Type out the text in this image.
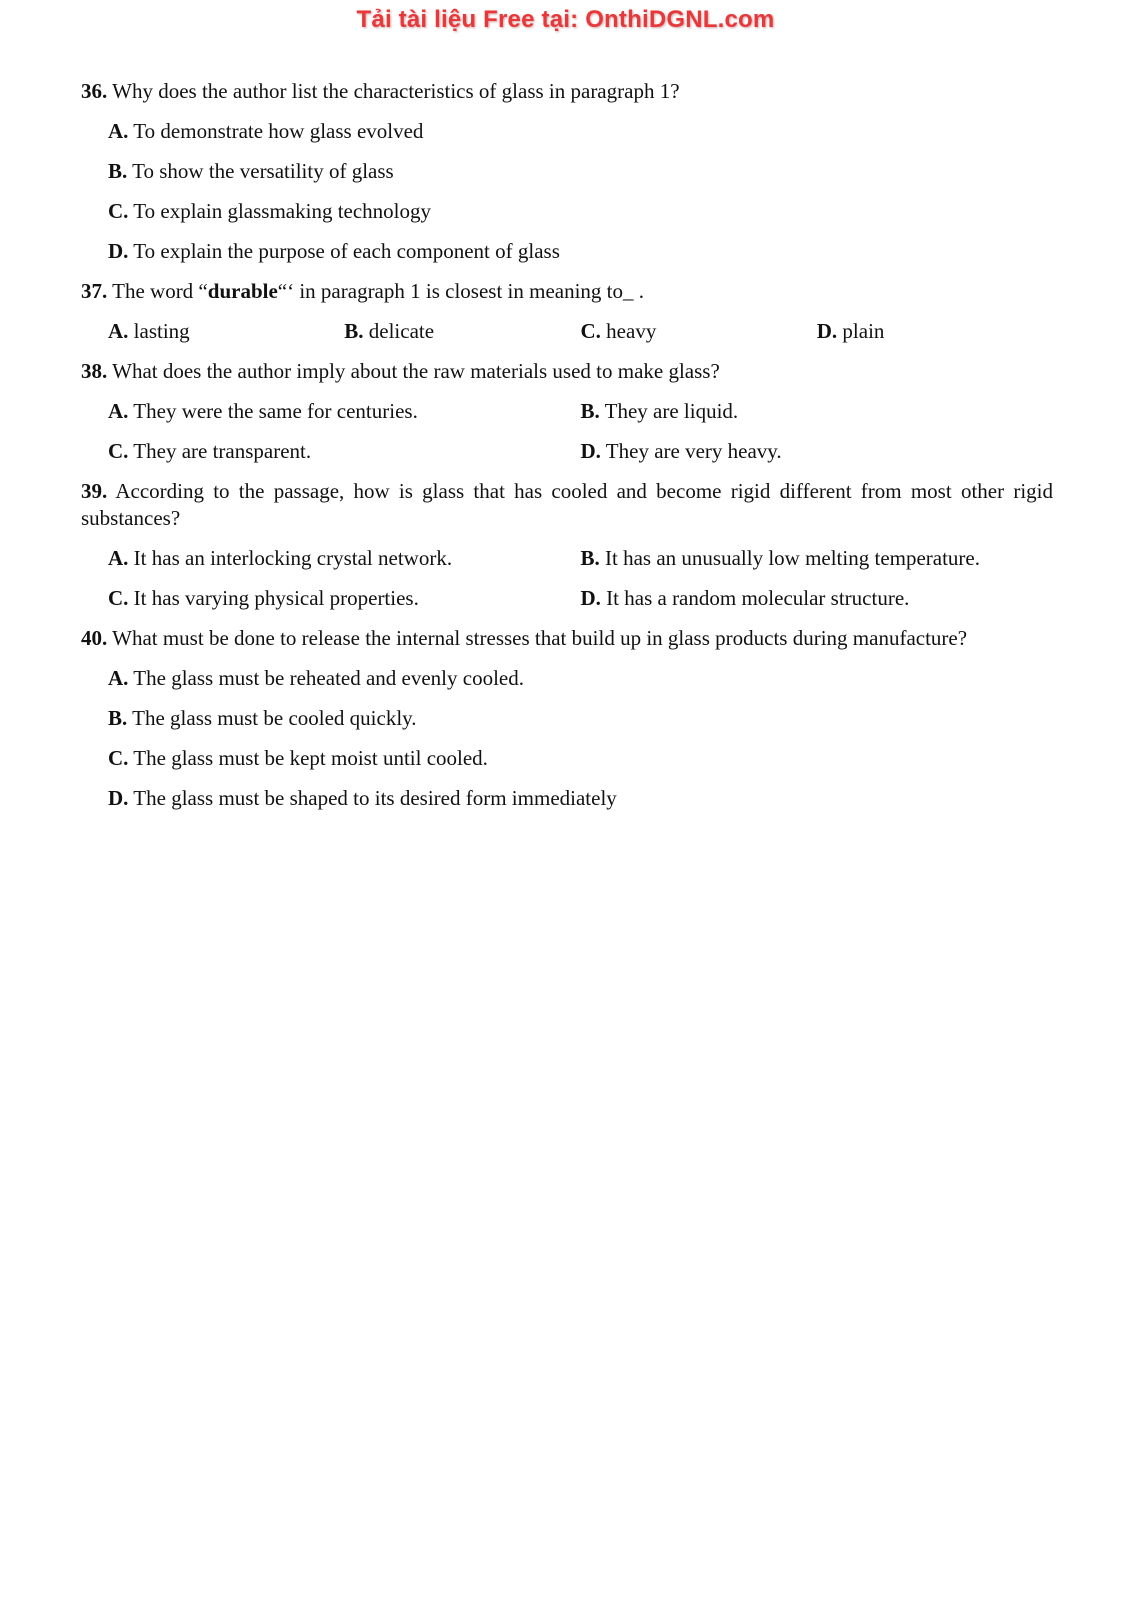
Tải tài liệu Free tại: OnthiDGNL.com
36. Why does the author list the characteristics of glass in paragraph 1?
A. To demonstrate how glass evolved
B. To show the versatility of glass
C. To explain glassmaking technology
D. To explain the purpose of each component of glass
37. The word “durable“‘ in paragraph 1 is closest in meaning to_ .
A. lasting	B. delicate	C. heavy	D. plain
38. What does the author imply about the raw materials used to make glass?
A. They were the same for centuries.	B. They are liquid.
C. They are transparent.	D. They are very heavy.
39. According to the passage, how is glass that has cooled and become rigid different from most other rigid substances?
A. It has an interlocking crystal network.	B. It has an unusually low melting temperature.
C. It has varying physical properties.	D. It has a random molecular structure.
40. What must be done to release the internal stresses that build up in glass products during manufacture?
A. The glass must be reheated and evenly cooled.
B. The glass must be cooled quickly.
C. The glass must be kept moist until cooled.
D. The glass must be shaped to its desired form immediately
